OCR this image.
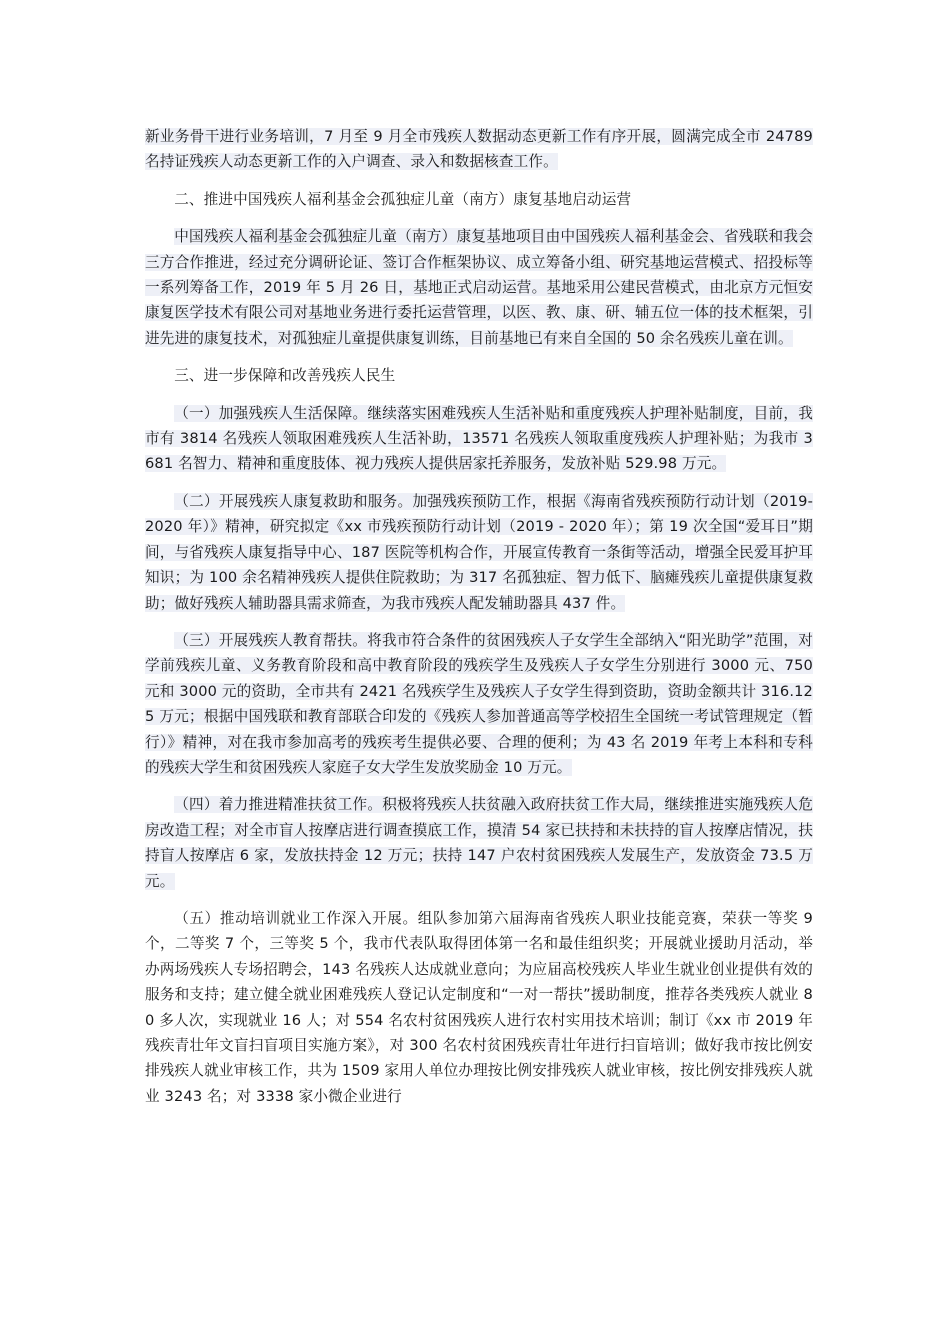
新业务骨干进行业务培训，7 月至 9 月全市残疾人数据动态更新工作有序开展，圆满完成全市 24789 名持证残疾人动态更新工作的入户调查、录入和数据核查工作。

二、推进中国残疾人福利基金会孤独症儿童（南方）康复基地启动运营

中国残疾人福利基金会孤独症儿童（南方）康复基地项目由中国残疾人福利基金会、省残联和我会三方合作推进，经过充分调研论证、签订合作框架协议、成立筹备小组、研究基地运营模式、招投标等一系列筹备工作，2019 年 5 月 26 日，基地正式启动运营。基地采用公建民营模式，由北京方元恒安康复医学技术有限公司对基地业务进行委托运营管理，以医、教、康、研、辅五位一体的技术框架，引进先进的康复技术，对孤独症儿童提供康复训练，目前基地已有来自全国的 50 余名残疾儿童在训。

三、进一步保障和改善残疾人民生

（一）加强残疾人生活保障。继续落实困难残疾人生活补贴和重度残疾人护理补贴制度，目前，我市有 3814 名残疾人领取困难残疾人生活补助，13571 名残疾人领取重度残疾人护理补贴；为我市 3681 名智力、精神和重度肢体、视力残疾人提供居家托养服务，发放补贴 529.98 万元。

（二）开展残疾人康复救助和服务。加强残疾预防工作，根据《海南省残疾预防行动计划（2019-2020 年）》精神，研究拟定《xx 市残疾预防行动计划（2019 - 2020 年）；第 19 次全国“爱耳日”期间，与省残疾人康复指导中心、187 医院等机构合作，开展宣传教育一条街等活动，增强全民爱耳护耳知识；为 100 余名精神残疾人提供住院救助；为 317 名孤独症、智力低下、脑瘫残疾儿童提供康复救助；做好残疾人辅助器具需求筛查，为我市残疾人配发辅助器具 437 件。

（三）开展残疾人教育帮扶。将我市符合条件的贫困残疾人子女学生全部纳入“阳光助学”范围，对学前残疾儿童、义务教育阶段和高中教育阶段的残疾学生及残疾人子女学生分别进行 3000 元、750 元和 3000 元的资助，全市共有 2421 名残疾学生及残疾人子女学生得到资助，资助金额共计 316.125 万元；根据中国残联和教育部联合印发的《残疾人参加普通高等学校招生全国统一考试管理规定（暂行）》精神，对在我市参加高考的残疾考生提供必要、合理的便利；为 43 名 2019 年考上本科和专科的残疾大学生和贫困残疾人家庭子女大学生发放奖励金 10 万元。

（四）着力推进精准扶贫工作。积极将残疾人扶贫融入政府扶贫工作大局，继续推进实施残疾人危房改造工程；对全市盲人按摩店进行调查摸底工作，摸清 54 家已扶持和未扶持的盲人按摩店情况，扶持盲人按摩店 6 家，发放扶持金 12 万元；扶持 147 户农村贫困残疾人发展生产，发放资金 73.5 万元。

（五）推动培训就业工作深入开展。组队参加第六届海南省残疾人职业技能竞赛，荣获一等奖 9 个，二等奖 7 个，三等奖 5 个，我市代表队取得团体第一名和最佳组织奖；开展就业援助月活动，举办两场残疾人专场招聘会，143 名残疾人达成就业意向；为应届高校残疾人毕业生就业创业提供有效的服务和支持；建立健全就业困难残疾人登记认定制度和“一对一帮扶”援助制度，推荐各类残疾人就业 80 多人次，实现就业 16 人；对 554 名农村贫困残疾人进行农村实用技术培训；制订《xx 市 2019 年残疾青壮年文盲扫盲项目实施方案》，对 300 名农村贫困残疾青壮年进行扫盲培训；做好我市按比例安排残疾人就业审核工作，共为 1509 家用人单位办理按比例安排残疾人就业审核，按比例安排残疾人就业 3243 名；对 3338 家小微企业进行
